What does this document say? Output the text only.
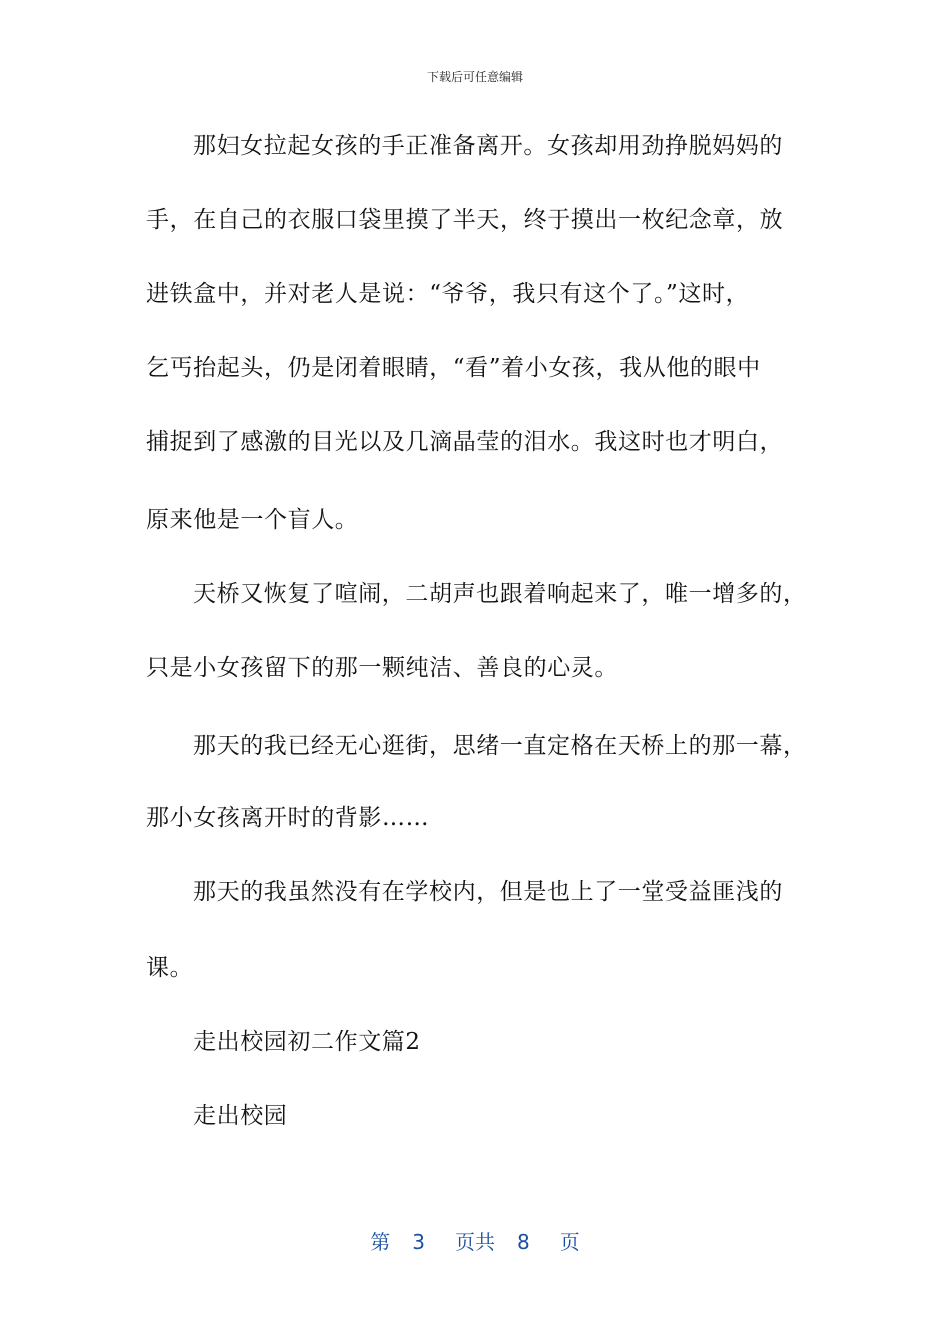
下载后可任意编辑
那妇女拉起女孩的手正准备离开。女孩却用劲挣脱妈妈的
手，在自己的衣服口袋里摸了半天，终于摸出一枚纪念章，放
进铁盒中，并对老人是说：“爷爷，我只有这个了。”这时，
乞丐抬起头，仍是闭着眼睛，“看”着小女孩，我从他的眼中
捕捉到了感激的目光以及几滴晶莹的泪水。我这时也才明白，
原来他是一个盲人。
天桥又恢复了喧闹，二胡声也跟着响起来了，唯一增多的，
只是小女孩留下的那一颗纯洁、善良的心灵。
那天的我已经无心逛街，思绪一直定格在天桥上的那一幕，
那小女孩离开时的背影……
那天的我虽然没有在学校内，但是也上了一堂受益匪浅的
课。
走出校园初二作文篇2
走出校园
第 3 页共 8 页
